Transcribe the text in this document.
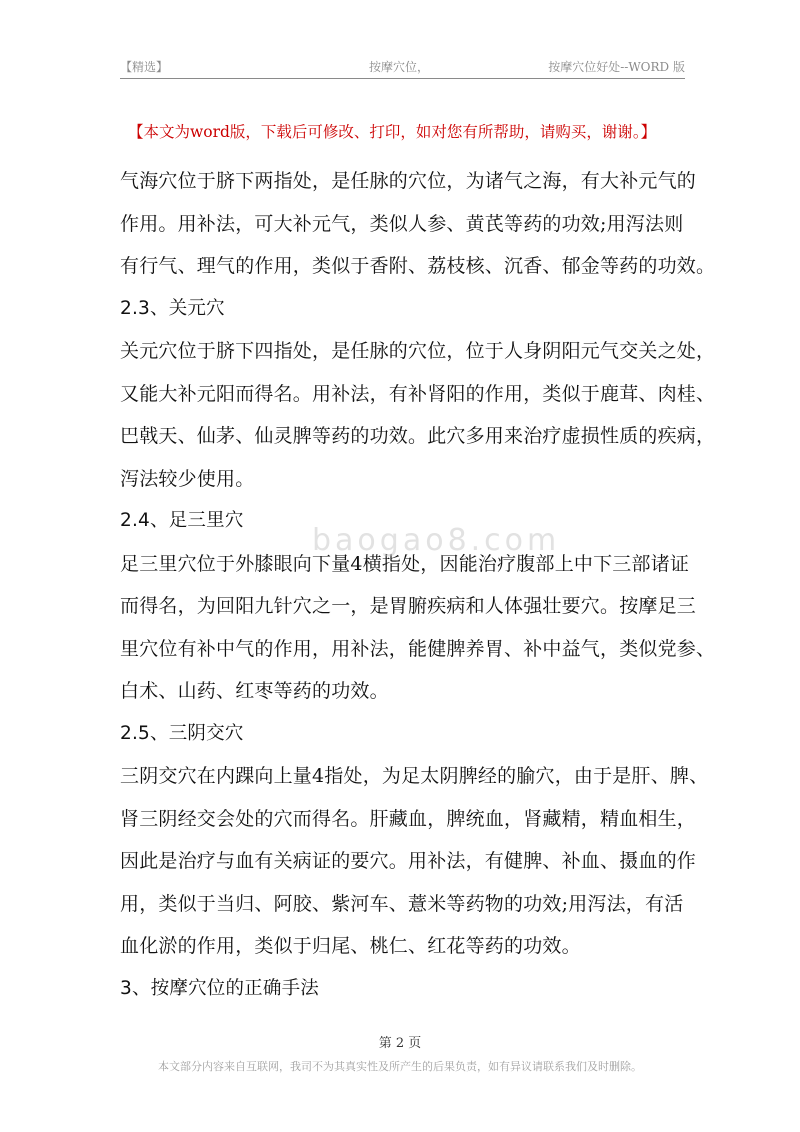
【精选】	按摩穴位，	按摩穴位好处--WORD 版
【本文为word版，下载后可修改、打印，如对您有所帮助，请购买，谢谢。】
气海穴位于脐下两指处，是任脉的穴位，为诸气之海，有大补元气的
作用。用补法，可大补元气，类似人参、黄芪等药的功效;用泻法则
有行气、理气的作用，类似于香附、荔枝核、沉香、郁金等药的功效。
2.3、关元穴
关元穴位于脐下四指处，是任脉的穴位，位于人身阴阳元气交关之处，
又能大补元阳而得名。用补法，有补肾阳的作用，类似于鹿茸、肉桂、
巴戟天、仙茅、仙灵脾等药的功效。此穴多用来治疗虚损性质的疾病，
泻法较少使用。
2.4、足三里穴
足三里穴位于外膝眼向下量4横指处，因能治疗腹部上中下三部诸证
而得名，为回阳九针穴之一，是胃腑疾病和人体强壮要穴。按摩足三
里穴位有补中气的作用，用补法，能健脾养胃、补中益气，类似党参、
白术、山药、红枣等药的功效。
2.5、三阴交穴
三阴交穴在内踝向上量4指处，为足太阴脾经的腧穴，由于是肝、脾、
肾三阴经交会处的穴而得名。肝藏血，脾统血，肾藏精，精血相生，
因此是治疗与血有关病证的要穴。用补法，有健脾、补血、摄血的作
用，类似于当归、阿胶、紫河车、薏米等药物的功效;用泻法，有活
血化淤的作用，类似于归尾、桃仁、红花等药的功效。
3、按摩穴位的正确手法
baogao8.com
第 2 页
本文部分内容来自互联网，我司不为其真实性及所产生的后果负责，如有异议请联系我们及时删除。
